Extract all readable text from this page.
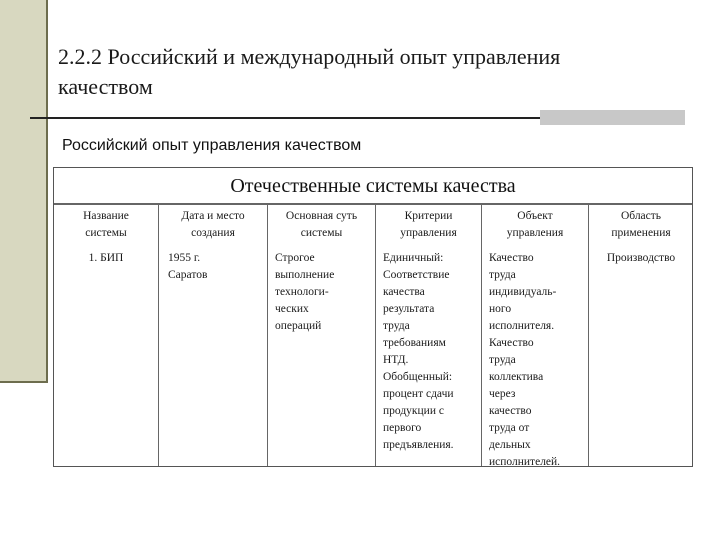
2.2.2 Российский и международный опыт управления
качеством
Российский опыт управления качеством
Отечественные системы качества
Название
системы
Дата и место
создания
Основная суть
системы
Критерии
управления
Объект
управления
Область
применения
1. БИП	1955 г.
Саратов
Строгое
выполнение
технологи-
ческих
операций
Единичный:
Соответствие
качества
результата
труда
требованиям
НТД.
Обобщенный:
процент сдачи
продукции с
первого
предъявления.
Качество
труда
индивидуаль-
ного
исполнителя.
Качество
труда
коллектива
через
качество
труда от
дельных
исполнителей.
Производство
